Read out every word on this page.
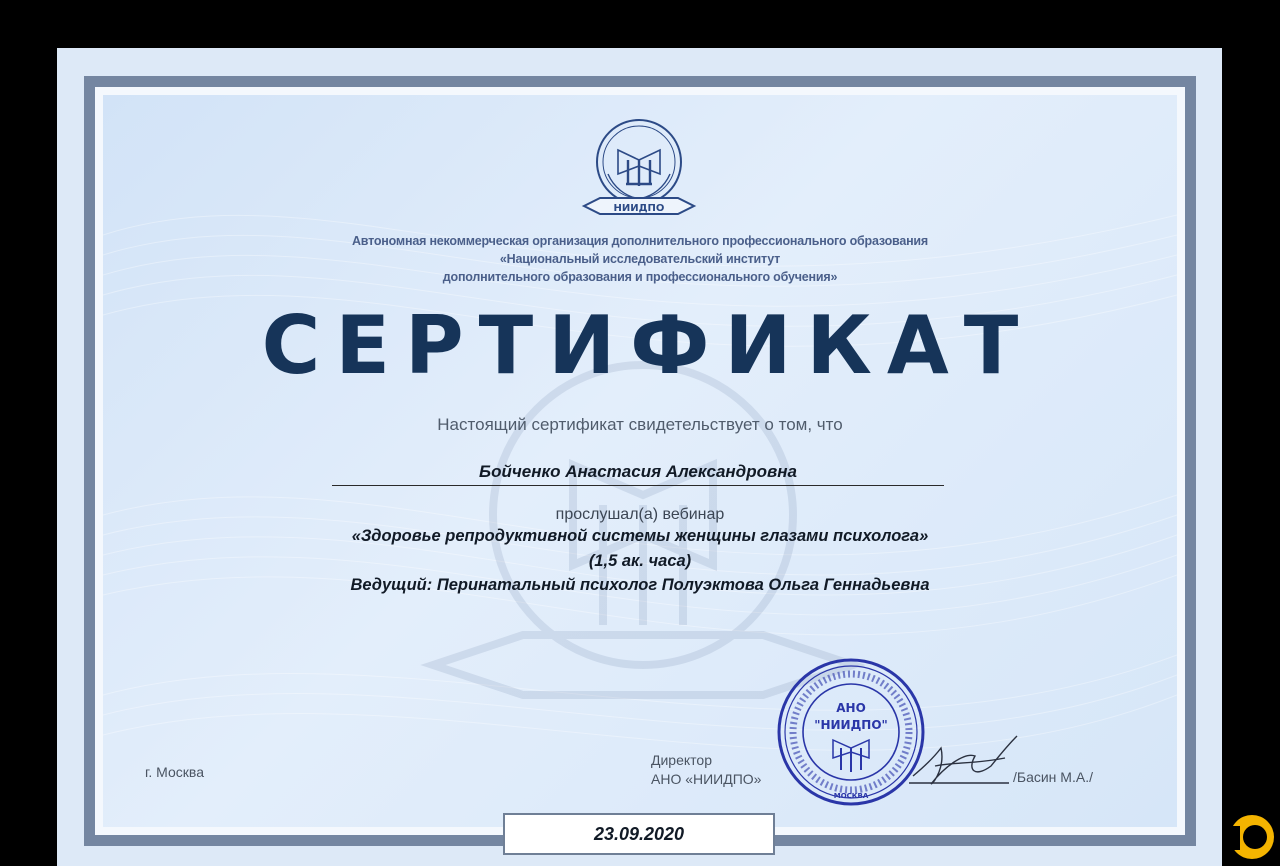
НИИДПО
Автономная некоммерческая организация дополнительного профессионального образования
«Национальный исследовательский институт
дополнительного образования и профессионального обучения»
СЕРТИФИКАТ
Настоящий сертификат свидетельствует о том, что
Бойченко Анастасия Александровна
прослушал(а) вебинар
«Здоровье репродуктивной системы женщины глазами психолога»
(1,5 ак. часа)
Ведущий: Перинатальный психолог Полуэктова Ольга Геннадьевна
г. Москва
Директор
АНО «НИИДПО»	/Басин М.А./
АНО
"НИИДПО"
МОСКВА
23.09.2020
